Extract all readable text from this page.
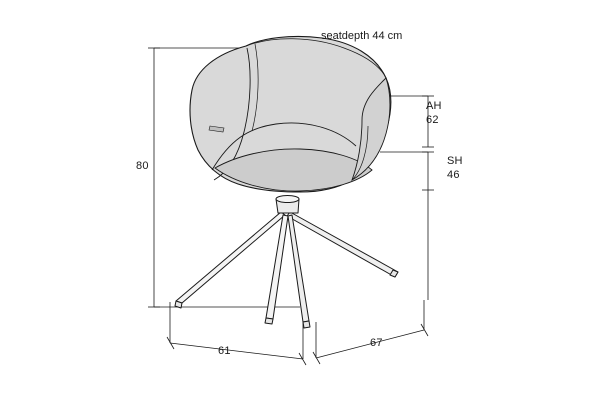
seatdepth 44 cm
80
AH
62
SH
46
61
67
